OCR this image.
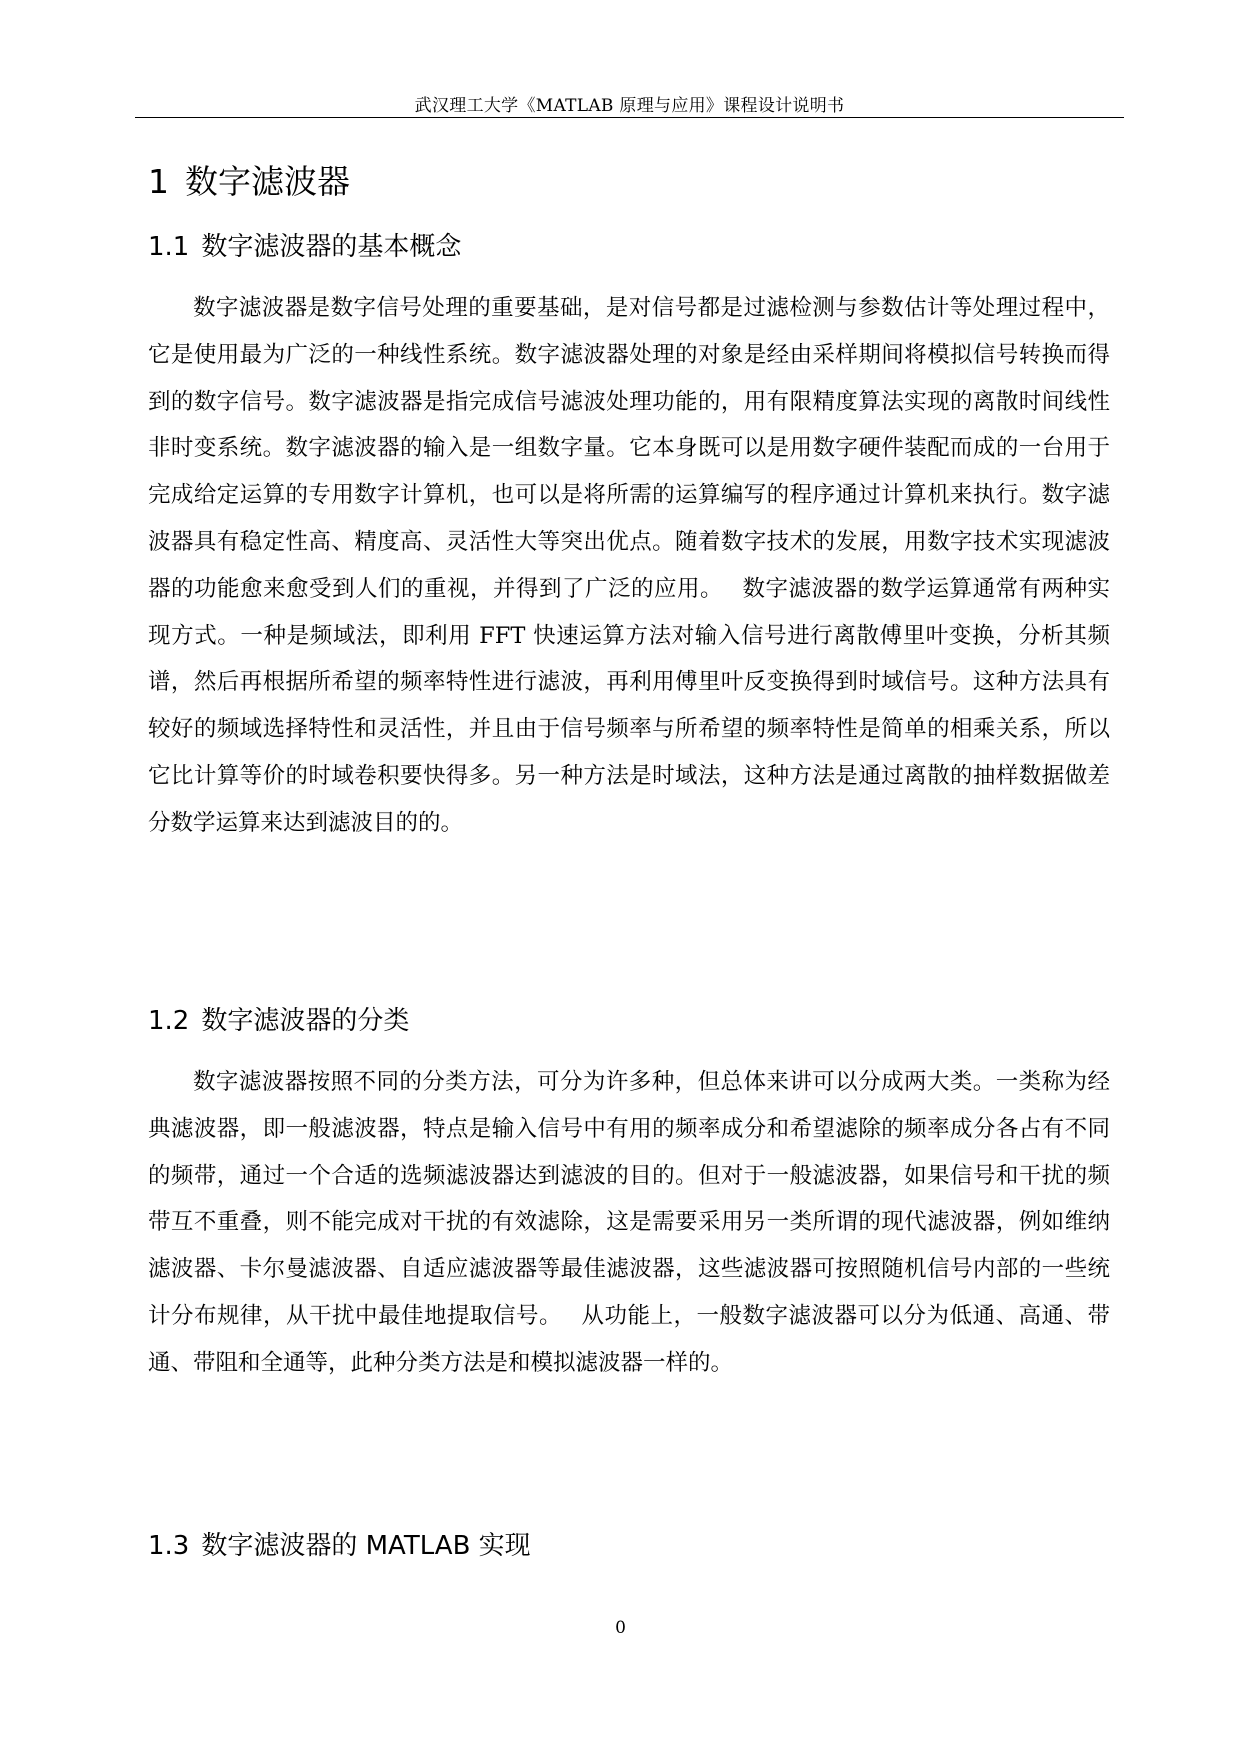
武汉理工大学《MATLAB 原理与应用》课程设计说明书
1 数字滤波器
1.1 数字滤波器的基本概念

数字滤波器是数字信号处理的重要基础，是对信号都是过滤检测与参数估计等处理过程中，它是使用最为广泛的一种线性系统。数字滤波器处理的对象是经由采样期间将模拟信号转换而得到的数字信号。数字滤波器是指完成信号滤波处理功能的，用有限精度算法实现的离散时间线性非时变系统。数字滤波器的输入是一组数字量。它本身既可以是用数字硬件装配而成的一台用于完成给定运算的专用数字计算机，也可以是将所需的运算编写的程序通过计算机来执行。数字滤波器具有稳定性高、精度高、灵活性大等突出优点。随着数字技术的发展，用数字技术实现滤波器的功能愈来愈受到人们的重视，并得到了广泛的应用。　 数字滤波器的数学运算通常有两种实现方式。一种是频域法，即利用 FFT 快速运算方法对输入信号进行离散傅里叶变换，分析其频谱，然后再根据所希望的频率特性进行滤波，再利用傅里叶反变换得到时域信号。这种方法具有较好的频域选择特性和灵活性，并且由于信号频率与所希望的频率特性是简单的相乘关系，所以它比计算等价的时域卷积要快得多。另一种方法是时域法，这种方法是通过离散的抽样数据做差分数学运算来达到滤波目的的。

1.2 数字滤波器的分类

数字滤波器按照不同的分类方法，可分为许多种，但总体来讲可以分成两大类。一类称为经典滤波器，即一般滤波器，特点是输入信号中有用的频率成分和希望滤除的频率成分各占有不同的频带，通过一个合适的选频滤波器达到滤波的目的。但对于一般滤波器，如果信号和干扰的频带互不重叠，则不能完成对干扰的有效滤除，这是需要采用另一类所谓的现代滤波器，例如维纳滤波器、卡尔曼滤波器、自适应滤波器等最佳滤波器，这些滤波器可按照随机信号内部的一些统计分布规律，从干扰中最佳地提取信号。　 从功能上，一般数字滤波器可以分为低通、高通、带通、带阻和全通等，此种分类方法是和模拟滤波器一样的。

1.3 数字滤波器的 MATLAB 实现
0
